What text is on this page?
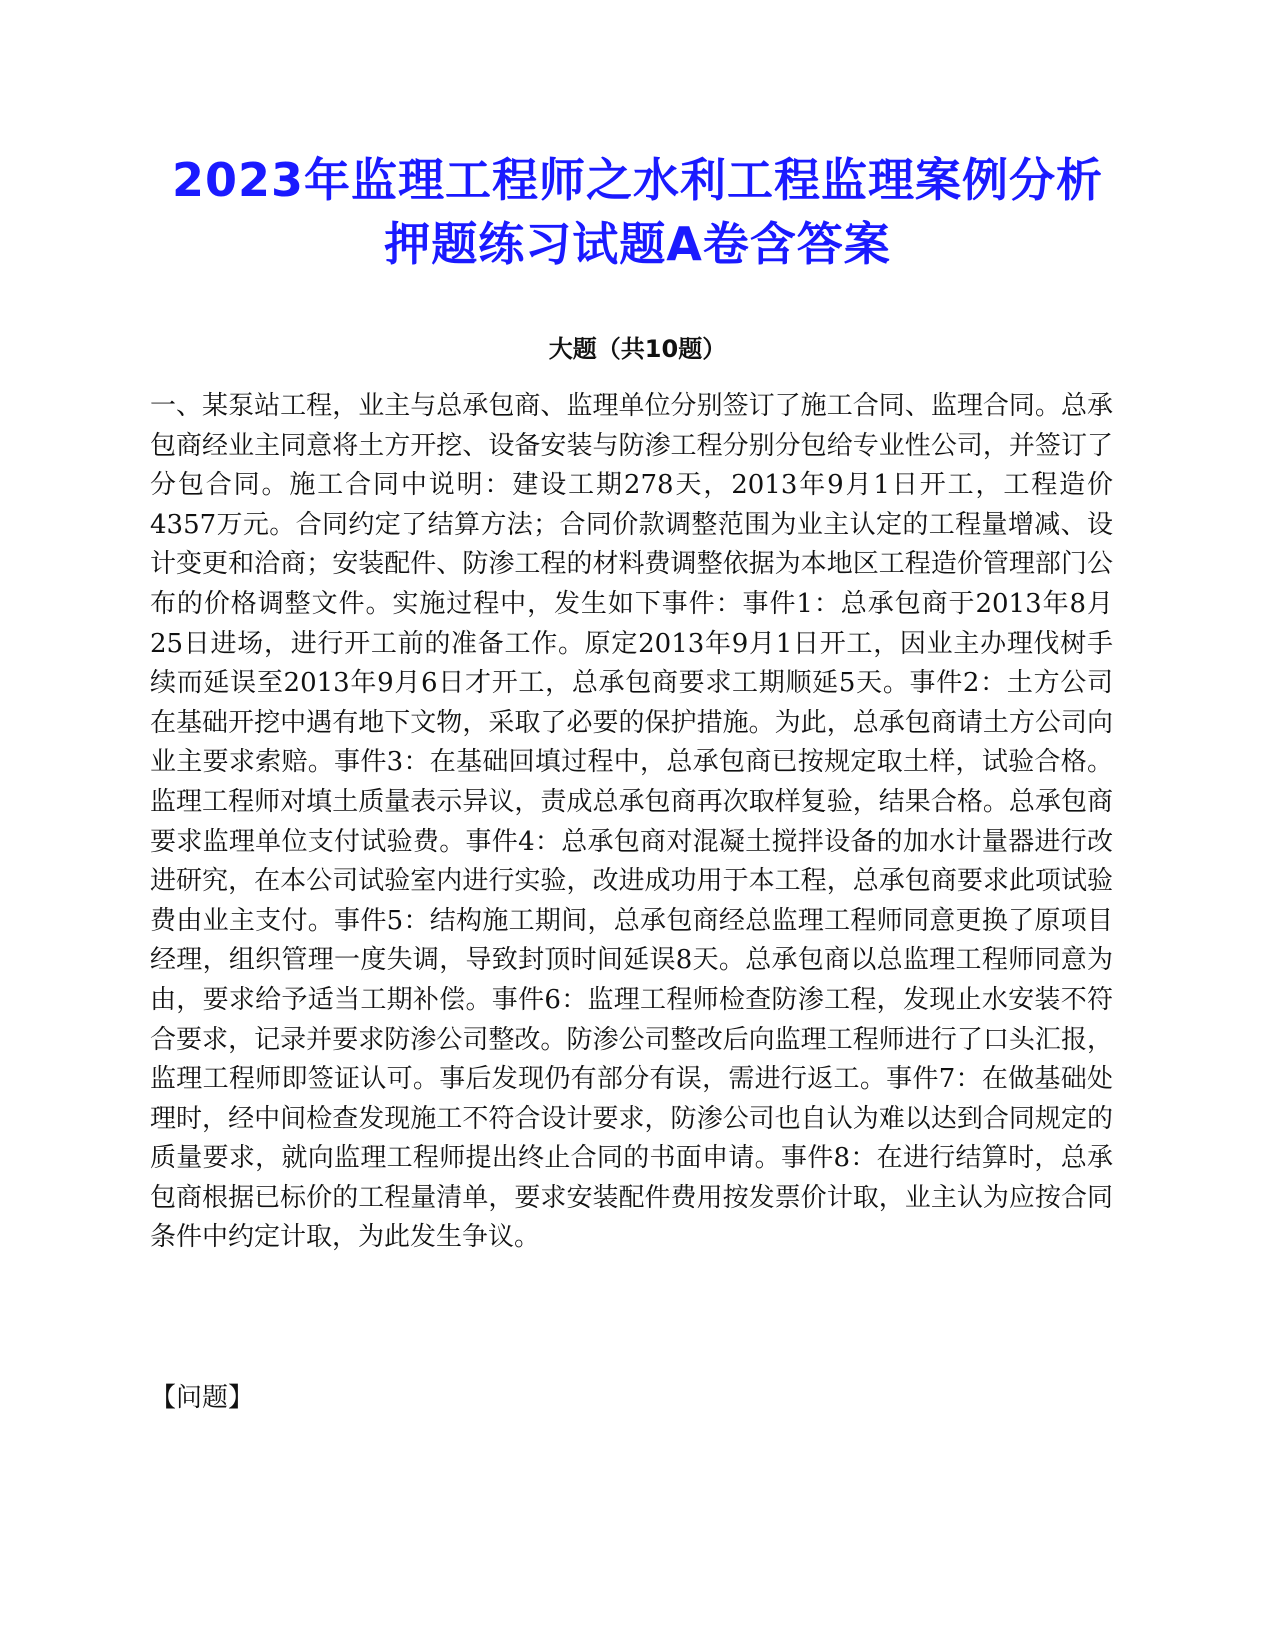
2023年监理工程师之水利工程监理案例分析
押题练习试题A卷含答案
大题（共10题）

一、某泵站工程，业主与总承包商、监理单位分别签订了施工合同、监理合同。总承包商经业主同意将土方开挖、设备安装与防渗工程分别分包给专业性公司，并签订了分包合同。施工合同中说明：建设工期278天，2013年9月1日开工，工程造价4357万元。合同约定了结算方法；合同价款调整范围为业主认定的工程量增减、设计变更和洽商；安装配件、防渗工程的材料费调整依据为本地区工程造价管理部门公布的价格调整文件。实施过程中，发生如下事件：事件1：总承包商于2013年8月25日进场，进行开工前的准备工作。原定2013年9月1日开工，因业主办理伐树手续而延误至2013年9月6日才开工，总承包商要求工期顺延5天。事件2：土方公司在基础开挖中遇有地下文物，采取了必要的保护措施。为此，总承包商请土方公司向业主要求索赔。事件3：在基础回填过程中，总承包商已按规定取土样，试验合格。监理工程师对填土质量表示异议，责成总承包商再次取样复验，结果合格。总承包商要求监理单位支付试验费。事件4：总承包商对混凝土搅拌设备的加水计量器进行改进研究，在本公司试验室内进行实验，改进成功用于本工程，总承包商要求此项试验费由业主支付。事件5：结构施工期间，总承包商经总监理工程师同意更换了原项目经理，组织管理一度失调，导致封顶时间延误8天。总承包商以总监理工程师同意为由，要求给予适当工期补偿。事件6：监理工程师检查防渗工程，发现止水安装不符合要求，记录并要求防渗公司整改。防渗公司整改后向监理工程师进行了口头汇报，监理工程师即签证认可。事后发现仍有部分有误，需进行返工。事件7：在做基础处理时，经中间检查发现施工不符合设计要求，防渗公司也自认为难以达到合同规定的质量要求，就向监理工程师提出终止合同的书面申请。事件8：在进行结算时，总承包商根据已标价的工程量清单，要求安装配件费用按发票价计取，业主认为应按合同条件中约定计取，为此发生争议。

【问题】
